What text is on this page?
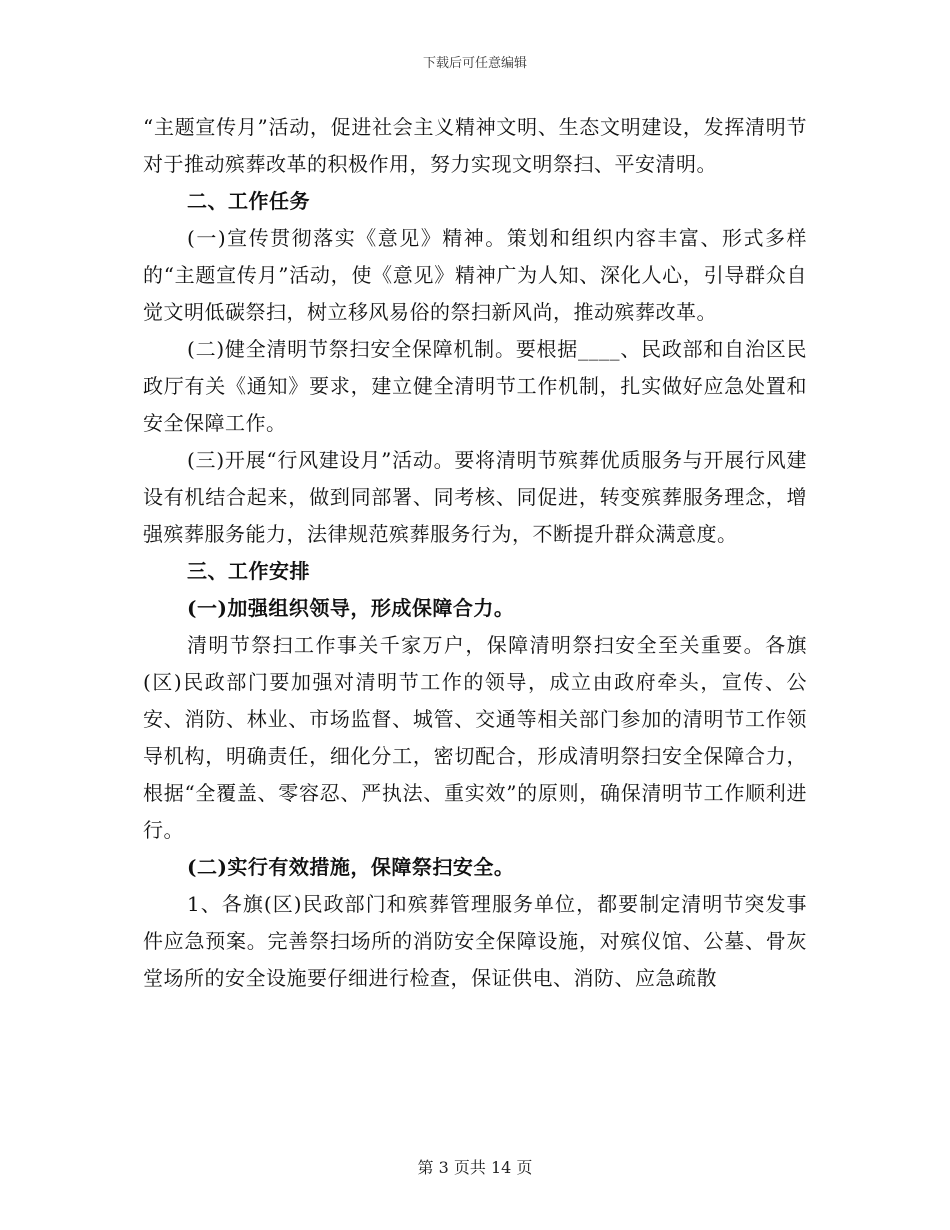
下载后可任意编辑

“主题宣传月”活动，促进社会主义精神文明、生态文明建设，发挥清明节对于推动殡葬改革的积极作用，努力实现文明祭扫、平安清明。

二、工作任务

(一)宣传贯彻落实《意见》精神。策划和组织内容丰富、形式多样的“主题宣传月”活动，使《意见》精神广为人知、深化人心，引导群众自觉文明低碳祭扫，树立移风易俗的祭扫新风尚，推动殡葬改革。

(二)健全清明节祭扫安全保障机制。要根据____、民政部和自治区民政厅有关《通知》要求，建立健全清明节工作机制，扎实做好应急处置和安全保障工作。

(三)开展“行风建设月”活动。要将清明节殡葬优质服务与开展行风建设有机结合起来，做到同部署、同考核、同促进，转变殡葬服务理念，增强殡葬服务能力，法律规范殡葬服务行为，不断提升群众满意度。

三、工作安排

(一)加强组织领导，形成保障合力。

清明节祭扫工作事关千家万户，保障清明祭扫安全至关重要。各旗(区)民政部门要加强对清明节工作的领导，成立由政府牵头，宣传、公安、消防、林业、市场监督、城管、交通等相关部门参加的清明节工作领导机构，明确责任，细化分工，密切配合，形成清明祭扫安全保障合力，根据“全覆盖、零容忍、严执法、重实效”的原则，确保清明节工作顺利进行。

(二)实行有效措施，保障祭扫安全。

1、各旗(区)民政部门和殡葬管理服务单位，都要制定清明节突发事件应急预案。完善祭扫场所的消防安全保障设施，对殡仪馆、公墓、骨灰堂场所的安全设施要仔细进行检查，保证供电、消防、应急疏散

第 3 页共 14 页
